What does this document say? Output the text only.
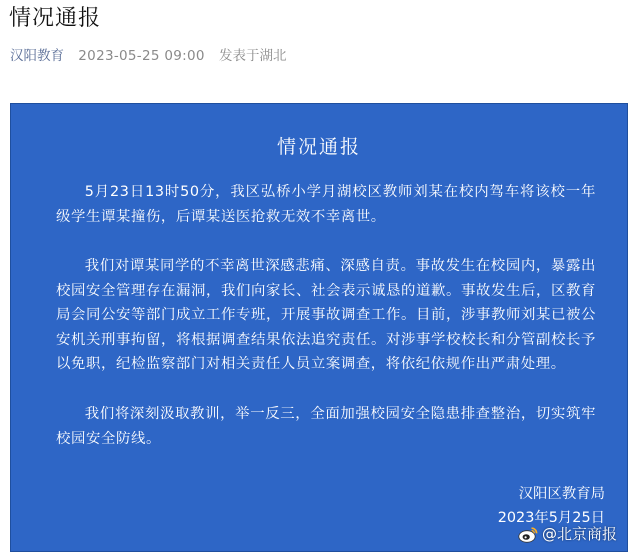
情况通报
汉阳教育 2023-05-25 09:00 发表于湖北
情况通报
5月23日13时50分，我区弘桥小学月湖校区教师刘某在校内驾车将该校一年级学生谭某撞伤，后谭某送医抢救无效不幸离世。
我们对谭某同学的不幸离世深感悲痛、深感自责。事故发生在校园内，暴露出校园安全管理存在漏洞，我们向家长、社会表示诚恳的道歉。事故发生后，区教育局会同公安等部门成立工作专班，开展事故调查工作。目前，涉事教师刘某已被公安机关刑事拘留，将根据调查结果依法追究责任。对涉事学校校长和分管副校长予以免职，纪检监察部门对相关责任人员立案调查，将依纪依规作出严肃处理。
我们将深刻汲取教训，举一反三，全面加强校园安全隐患排查整治，切实筑牢校园安全防线。
汉阳区教育局
2023年5月25日
@北京商报
